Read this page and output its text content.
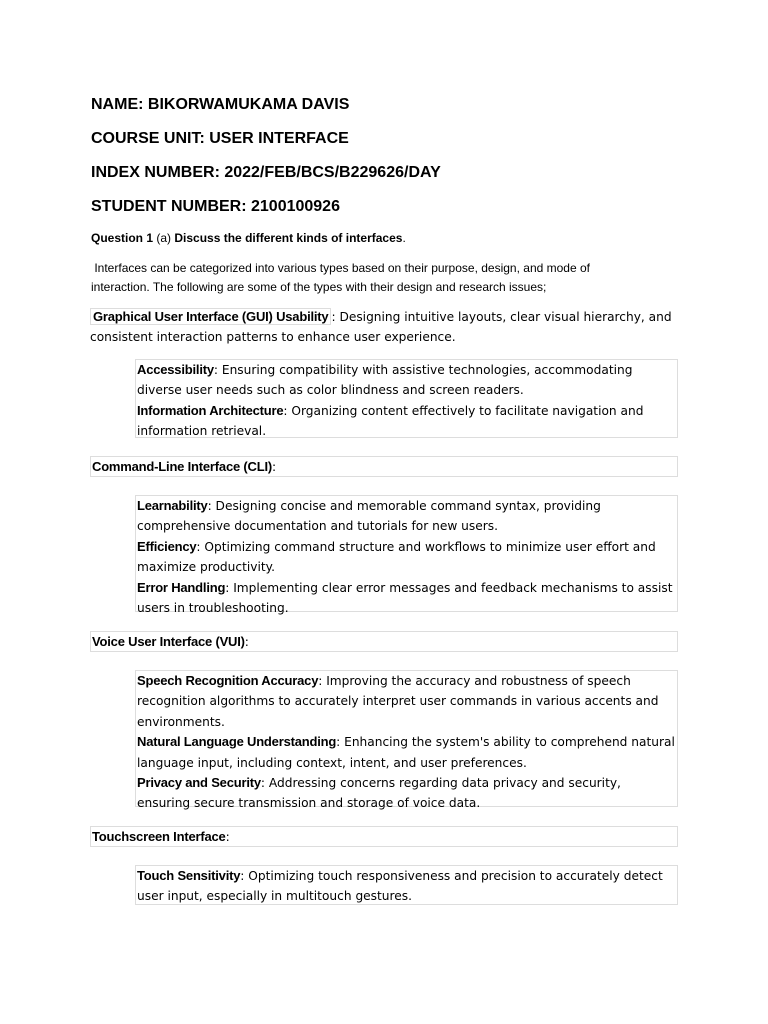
NAME: BIKORWAMUKAMA DAVIS
COURSE UNIT: USER INTERFACE
INDEX NUMBER: 2022/FEB/BCS/B229626/DAY
STUDENT NUMBER: 2100100926
Question 1 (a) Discuss the different kinds of interfaces.
Interfaces can be categorized into various types based on their purpose, design, and mode of interaction. The following are some of the types with their design and research issues;
Graphical User Interface (GUI) Usability : Designing intuitive layouts, clear visual hierarchy, and consistent interaction patterns to enhance user experience.
Accessibility: Ensuring compatibility with assistive technologies, accommodating diverse user needs such as color blindness and screen readers.
Information Architecture: Organizing content effectively to facilitate navigation and information retrieval.
Command-Line Interface (CLI):
Learnability: Designing concise and memorable command syntax, providing comprehensive documentation and tutorials for new users.
Efficiency: Optimizing command structure and workflows to minimize user effort and maximize productivity.
Error Handling: Implementing clear error messages and feedback mechanisms to assist users in troubleshooting.
Voice User Interface (VUI):
Speech Recognition Accuracy: Improving the accuracy and robustness of speech recognition algorithms to accurately interpret user commands in various accents and environments.
Natural Language Understanding: Enhancing the system's ability to comprehend natural language input, including context, intent, and user preferences.
Privacy and Security: Addressing concerns regarding data privacy and security, ensuring secure transmission and storage of voice data.
Touchscreen Interface:
Touch Sensitivity: Optimizing touch responsiveness and precision to accurately detect user input, especially in multitouch gestures.
